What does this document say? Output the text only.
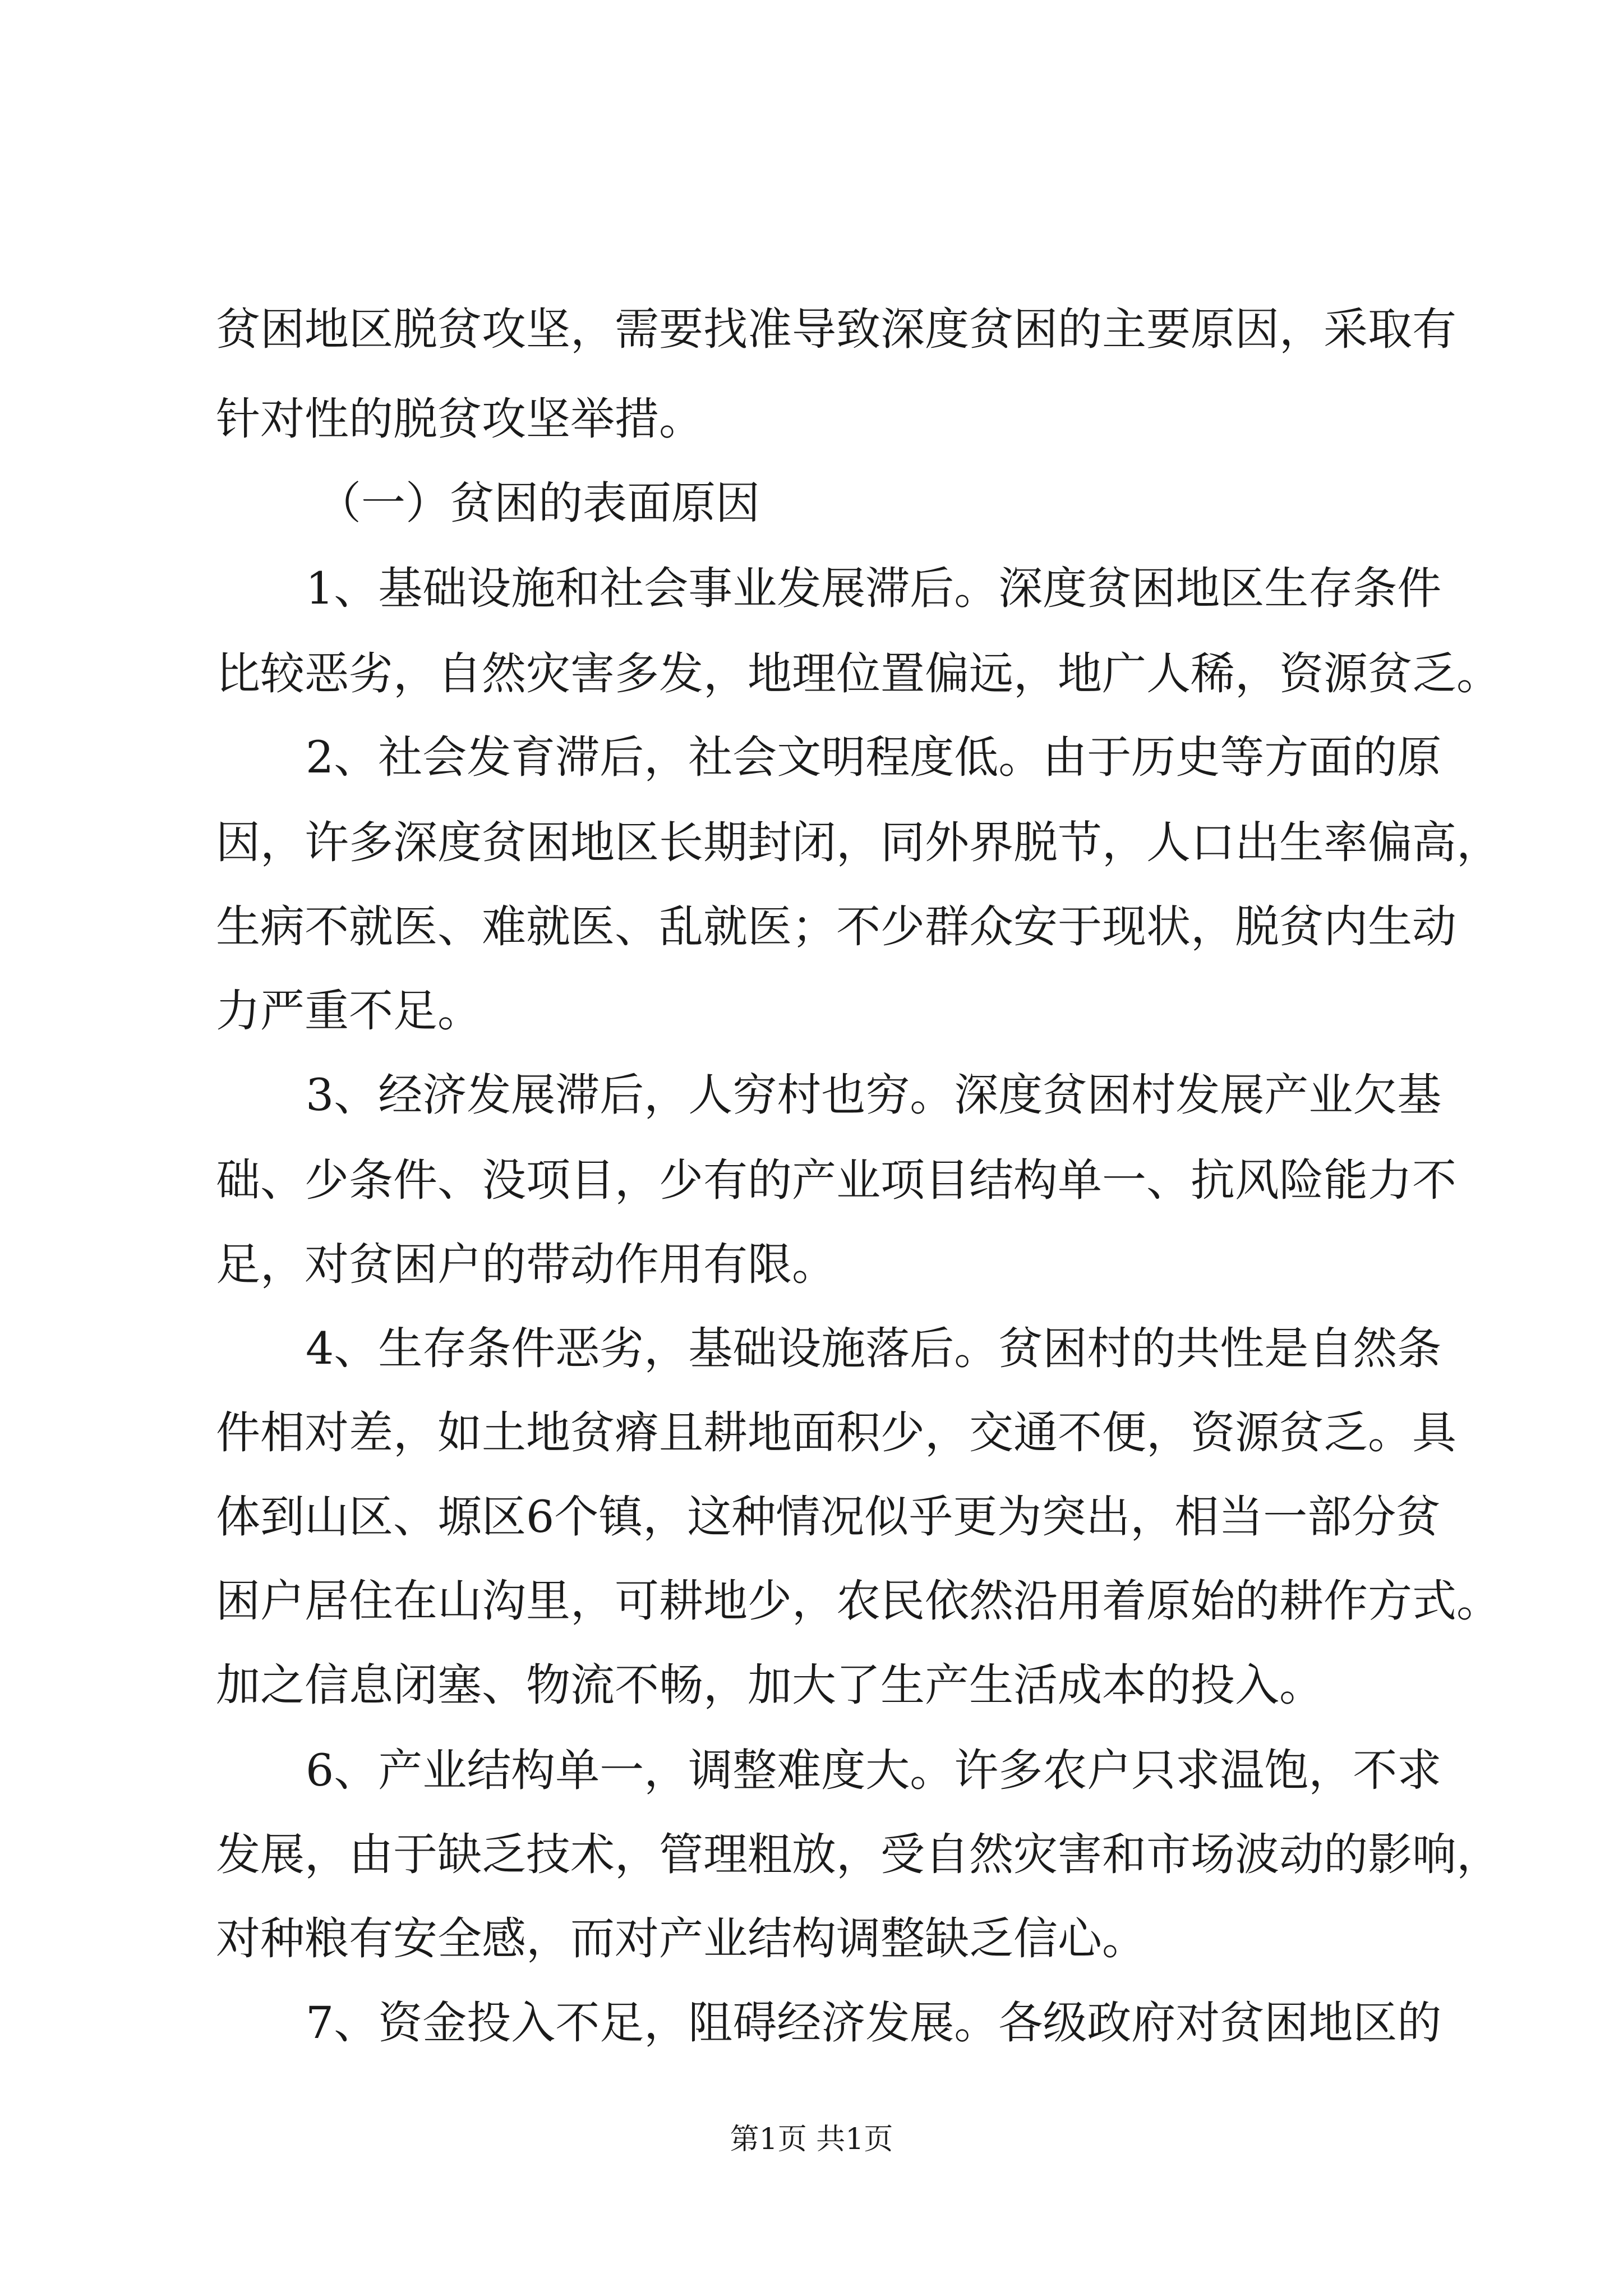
贫困地区脱贫攻坚，需要找准导致深度贫困的主要原因，采取有
针对性的脱贫攻坚举措。
（一）贫困的表面原因
1、基础设施和社会事业发展滞后。深度贫困地区生存条件
比较恶劣，自然灾害多发，地理位置偏远，地广人稀，资源贫乏。
2、社会发育滞后，社会文明程度低。由于历史等方面的原
因，许多深度贫困地区长期封闭，同外界脱节，人口出生率偏高，
生病不就医、难就医、乱就医；不少群众安于现状，脱贫内生动
力严重不足。
3、经济发展滞后，人穷村也穷。深度贫困村发展产业欠基
础、少条件、没项目，少有的产业项目结构单一、抗风险能力不
足，对贫困户的带动作用有限。
4、生存条件恶劣，基础设施落后。贫困村的共性是自然条
件相对差，如土地贫瘠且耕地面积少，交通不便，资源贫乏。具
体到山区、塬区6个镇，这种情况似乎更为突出，相当一部分贫
困户居住在山沟里，可耕地少，农民依然沿用着原始的耕作方式。
加之信息闭塞、物流不畅，加大了生产生活成本的投入。
6、产业结构单一，调整难度大。许多农户只求温饱，不求
发展，由于缺乏技术，管理粗放，受自然灾害和市场波动的影响，
对种粮有安全感，而对产业结构调整缺乏信心。
7、资金投入不足，阻碍经济发展。各级政府对贫困地区的
第1页 共1页
